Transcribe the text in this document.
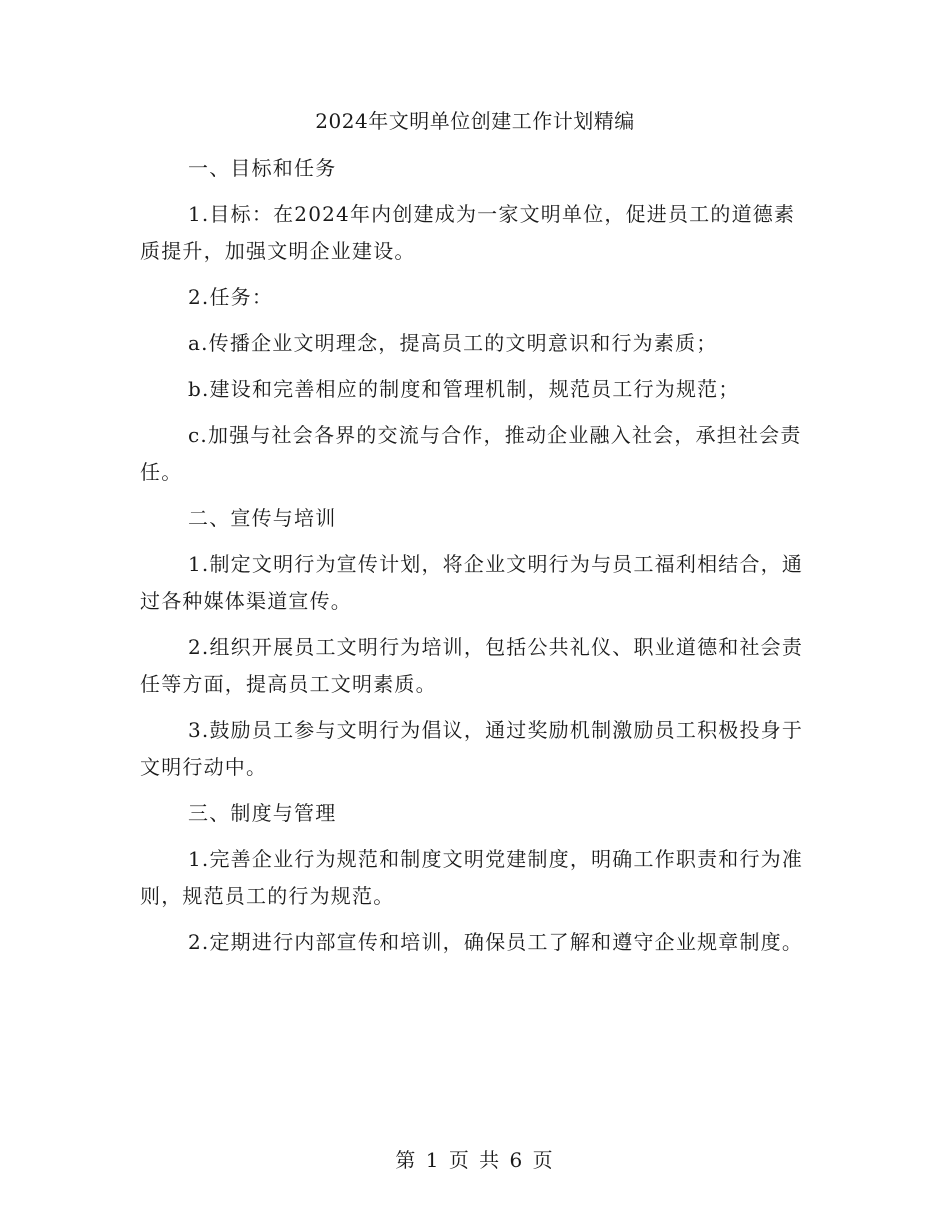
2024年文明单位创建工作计划精编

一、目标和任务

1.目标：在2024年内创建成为一家文明单位，促进员工的道德素质提升，加强文明企业建设。

2.任务：

a.传播企业文明理念，提高员工的文明意识和行为素质；

b.建设和完善相应的制度和管理机制，规范员工行为规范；

c.加强与社会各界的交流与合作，推动企业融入社会，承担社会责任。

二、宣传与培训

1.制定文明行为宣传计划，将企业文明行为与员工福利相结合，通过各种媒体渠道宣传。

2.组织开展员工文明行为培训，包括公共礼仪、职业道德和社会责任等方面，提高员工文明素质。

3.鼓励员工参与文明行为倡议，通过奖励机制激励员工积极投身于文明行动中。

三、制度与管理

1.完善企业行为规范和制度文明党建制度，明确工作职责和行为准则，规范员工的行为规范。

2.定期进行内部宣传和培训，确保员工了解和遵守企业规章制度。

第 1 页 共 6 页
